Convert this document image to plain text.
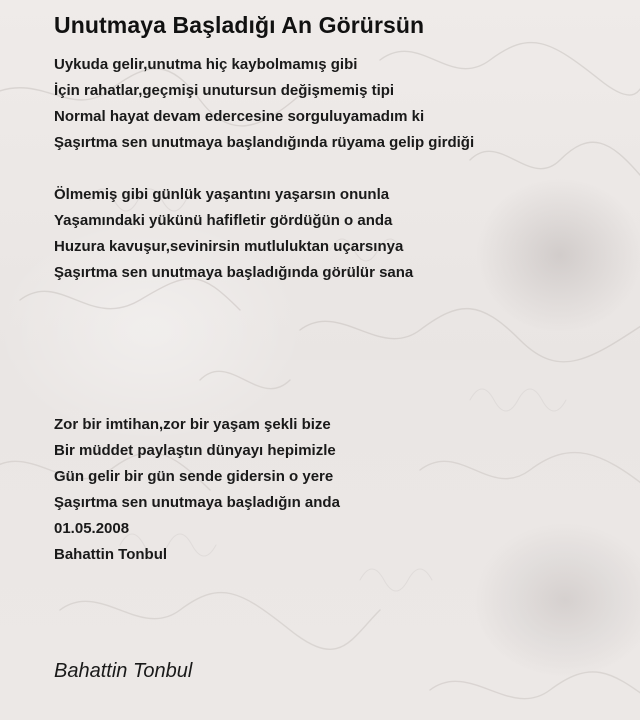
Unutmaya Başladığı An Görürsün
Uykuda gelir,unutma hiç kaybolmamış gibi
İçin rahatlar,geçmişi unutursun değişmemiş tipi
Normal hayat devam edercesine sorguluyamadım ki
Şaşırtma sen unutmaya başlandığında rüyama gelip girdiği
Ölmemiş gibi günlük yaşantını yaşarsın onunla
Yaşamındaki yükünü hafifletir gördüğün o anda
Huzura kavuşur,sevinirsin mutluluktan uçarsınya
Şaşırtma sen unutmaya başladığında görülür sana
Zor bir imtihan,zor bir yaşam şekli bize
Bir müddet paylaştın dünyayı hepimizle
Gün gelir bir gün sende gidersin o yere
Şaşırtma sen unutmaya başladığın anda
01.05.2008
Bahattin Tonbul
Bahattin Tonbul
